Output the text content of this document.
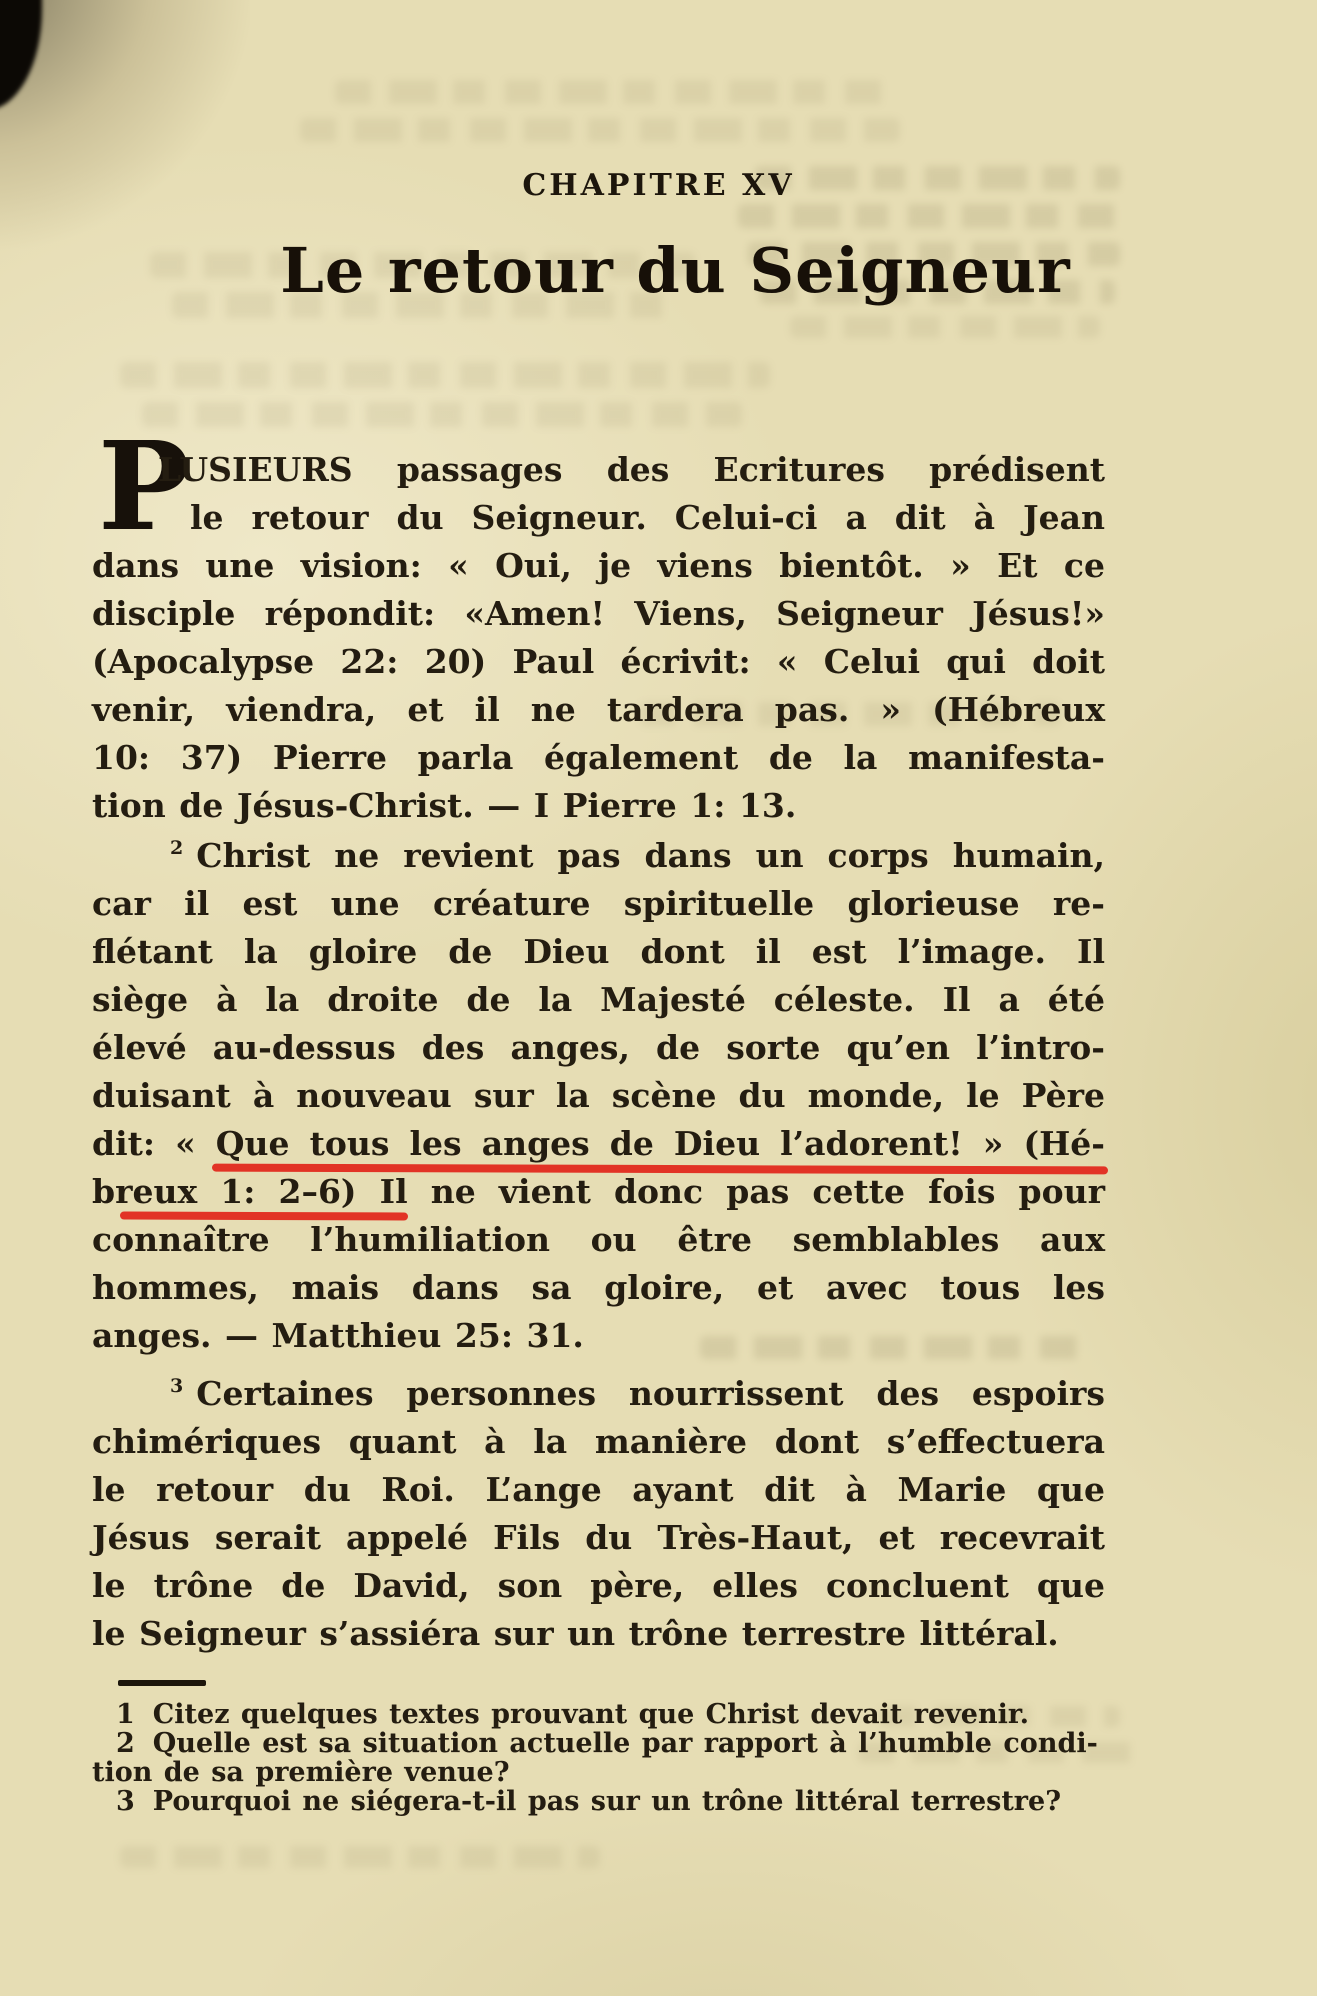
CHAPITRE XV
Le retour du Seigneur
P
LUSIEURS passages des Ecritures prédisent
le retour du Seigneur. Celui-ci a dit à Jean
dans une vision: « Oui, je viens bientôt. » Et ce
disciple répondit: «Amen! Viens, Seigneur Jésus!»
(Apocalypse 22: 20) Paul écrivit: « Celui qui doit
venir, viendra, et il ne tardera pas. » (Hébreux
10: 37) Pierre parla également de la manifesta-
tion de Jésus-Christ. — I Pierre 1: 13.
$^2$ Christ ne revient pas dans un corps humain,
car il est une créature spirituelle glorieuse re-
flétant la gloire de Dieu dont il est l’image. Il
siège à la droite de la Majesté céleste. Il a été
élevé au-dessus des anges, de sorte qu’en l’intro-
duisant à nouveau sur la scène du monde, le Père
dit: « Que tous les anges de Dieu l’adorent! » (Hé-
breux 1: 2–6) Il ne vient donc pas cette fois pour
connaître l’humiliation ou être semblables aux
hommes, mais dans sa gloire, et avec tous les
anges. — Matthieu 25: 31.
$^3$ Certaines personnes nourrissent des espoirs
chimériques quant à la manière dont s’effectuera
le retour du Roi. L’ange ayant dit à Marie que
Jésus serait appelé Fils du Très-Haut, et recevrait
le trône de David, son père, elles concluent que
le Seigneur s’assiéra sur un trône terrestre littéral.
1 Citez quelques textes prouvant que Christ devait revenir.
2 Quelle est sa situation actuelle par rapport à l’humble condi-
tion de sa première venue?
3 Pourquoi ne siégera-t-il pas sur un trône littéral terrestre?
